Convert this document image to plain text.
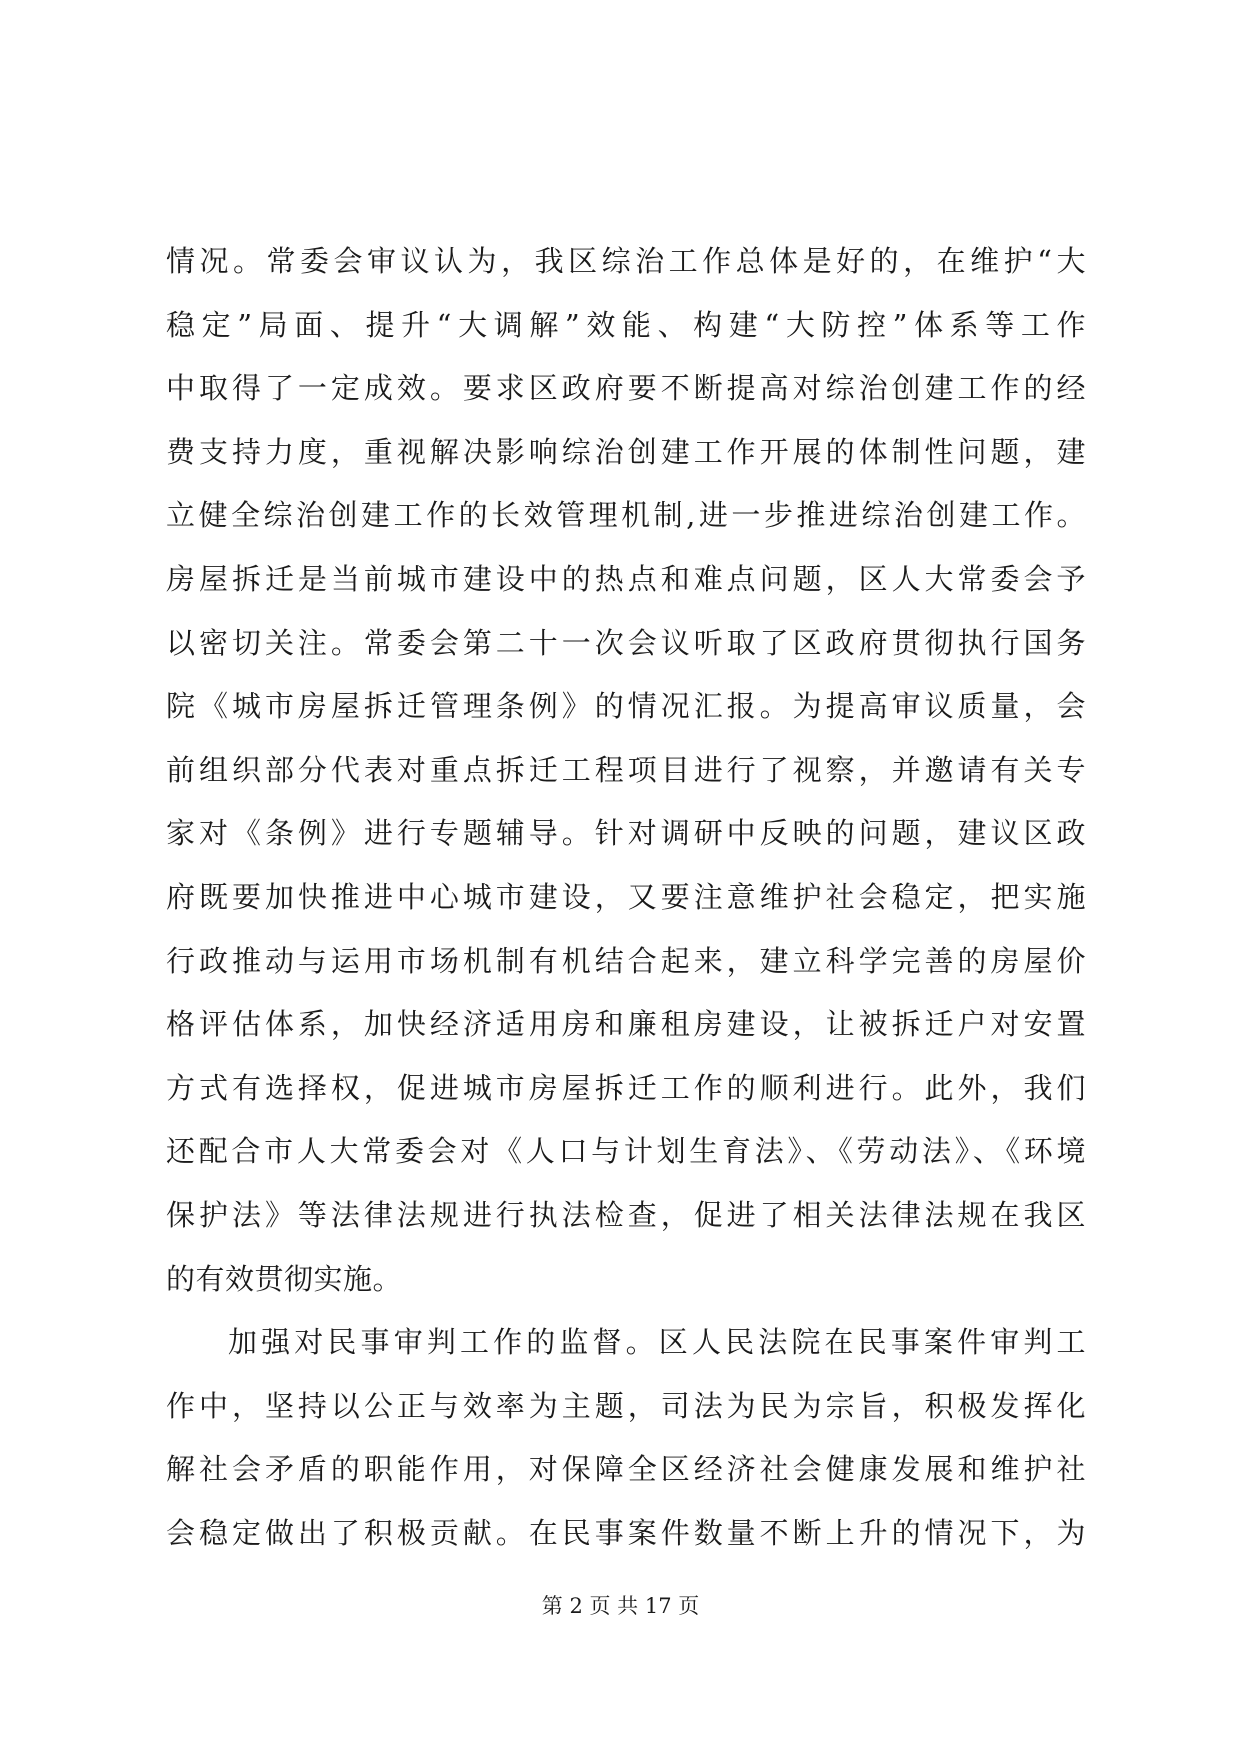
情况。常委会审议认为，我区综治工作总体是好的，在维护“大
稳定”局面、提升“大调解”效能、构建“大防控”体系等工作
中取得了一定成效。要求区政府要不断提高对综治创建工作的经
费支持力度，重视解决影响综治创建工作开展的体制性问题，建
立健全综治创建工作的长效管理机制,进一步推进综治创建工作。
房屋拆迁是当前城市建设中的热点和难点问题，区人大常委会予
以密切关注。常委会第二十一次会议听取了区政府贯彻执行国务
院《城市房屋拆迁管理条例》的情况汇报。为提高审议质量，会
前组织部分代表对重点拆迁工程项目进行了视察，并邀请有关专
家对《条例》进行专题辅导。针对调研中反映的问题，建议区政
府既要加快推进中心城市建设，又要注意维护社会稳定，把实施
行政推动与运用市场机制有机结合起来，建立科学完善的房屋价
格评估体系，加快经济适用房和廉租房建设，让被拆迁户对安置
方式有选择权，促进城市房屋拆迁工作的顺利进行。此外，我们
还配合市人大常委会对《人口与计划生育法》、《劳动法》、《环境
保护法》等法律法规进行执法检查，促进了相关法律法规在我区
的有效贯彻实施。
加强对民事审判工作的监督。区人民法院在民事案件审判工
作中，坚持以公正与效率为主题，司法为民为宗旨，积极发挥化
解社会矛盾的职能作用，对保障全区经济社会健康发展和维护社
会稳定做出了积极贡献。在民事案件数量不断上升的情况下，为
第 2 页 共 17 页
